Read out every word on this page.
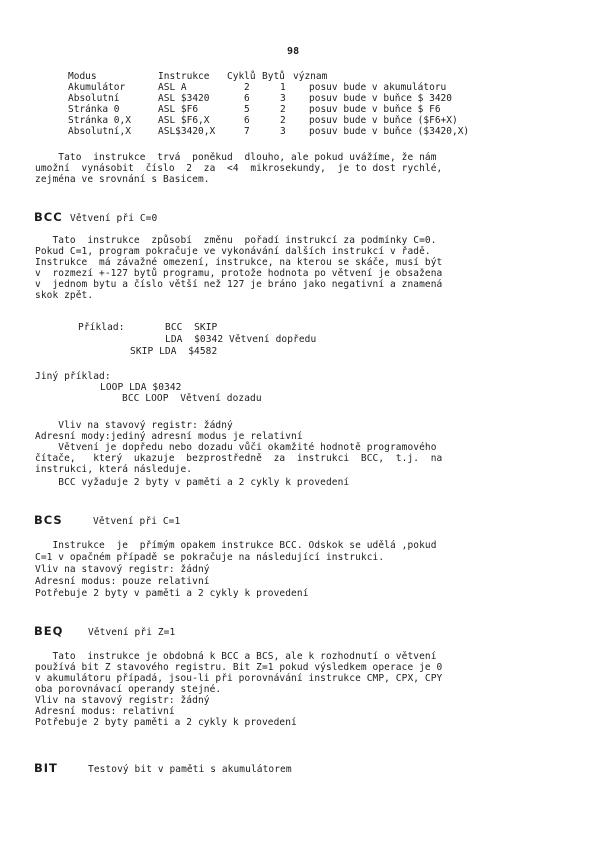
98
Modus	Instrukce Cyklů Bytů význam
Akumulátor	ASL A	2	1 posuv bude v akumulátoru
Absolutní	ASL $3420	6	3 posuv bude v buňce $ 3420
Stránka 0	ASL $F6	5	2 posuv bude v buňce $ F6
Stránka 0,X	ASL $F6,X	6	2 posuv bude v buňce ($F6+X)
Absolutní,X	ASL$3420,X	7	3 posuv bude v buňce ($3420,X)
Tato  instrukce  trvá  poněkud  dlouho, ale pokud uvážíme, že nám
umožní  vynásobit  číslo  2  za  <4  mikrosekundy,  je to dost rychlé,
zejména ve srovnání s Basicem.
BCC Větvení při C=0
Tato  instrukce  způsobí  změnu  pořadí instrukcí za podmínky C=0.
Pokud C=1, program pokračuje ve vykonávání dalších instrukcí v řadě.
Instrukce  má závažné omezení, instrukce, na kterou se skáče, musí být
v  rozmezí +-127 bytů programu, protože hodnota po větvení je obsažena
v  jednom bytu a číslo větší než 127 je bráno jako negativní a znamená
skok zpět.
Příklad:	BCC  SKIP
LDA  $0342 Větvení dopředu
SKIP LDA  $4582
Jiný příklad:
LOOP LDA $0342
BCC LOOP  Větvení dozadu
Vliv na stavový registr: žádný
Adresní mody:jediný adresní modus je relativní
Větvení je dopředu nebo dozadu vůči okamžité hodnotě programového
čítače,   který  ukazuje  bezprostředně  za  instrukci  BCC,  t.j.  na
instrukci, která následuje.
BCC vyžaduje 2 byty v paměti a 2 cykly k provedení
BCS	Větvení při C=1
Instrukce  je  přímým opakem instrukce BCC. Odskok se udělá ,pokud
C=1 v opačném případě se pokračuje na následující instrukci.
Vliv na stavový registr: žádný
Adresní modus: pouze relativní
Potřebuje 2 byty v paměti a 2 cykly k provedení
BEQ	Větvení při Z=1
Tato  instrukce je obdobná k BCC a BCS, ale k rozhodnutí o větvení
používá bit Z stavového registru. Bit Z=1 pokud výsledkem operace je 0
v akumulátoru případá, jsou-li při porovnávání instrukce CMP, CPX, CPY
oba porovnávací operandy stejné.
Vliv na stavový registr: žádný
Adresní modus: relativní
Potřebuje 2 byty paměti a 2 cykly k provedení
BIT	Testový bit v paměti s akumulátorem
